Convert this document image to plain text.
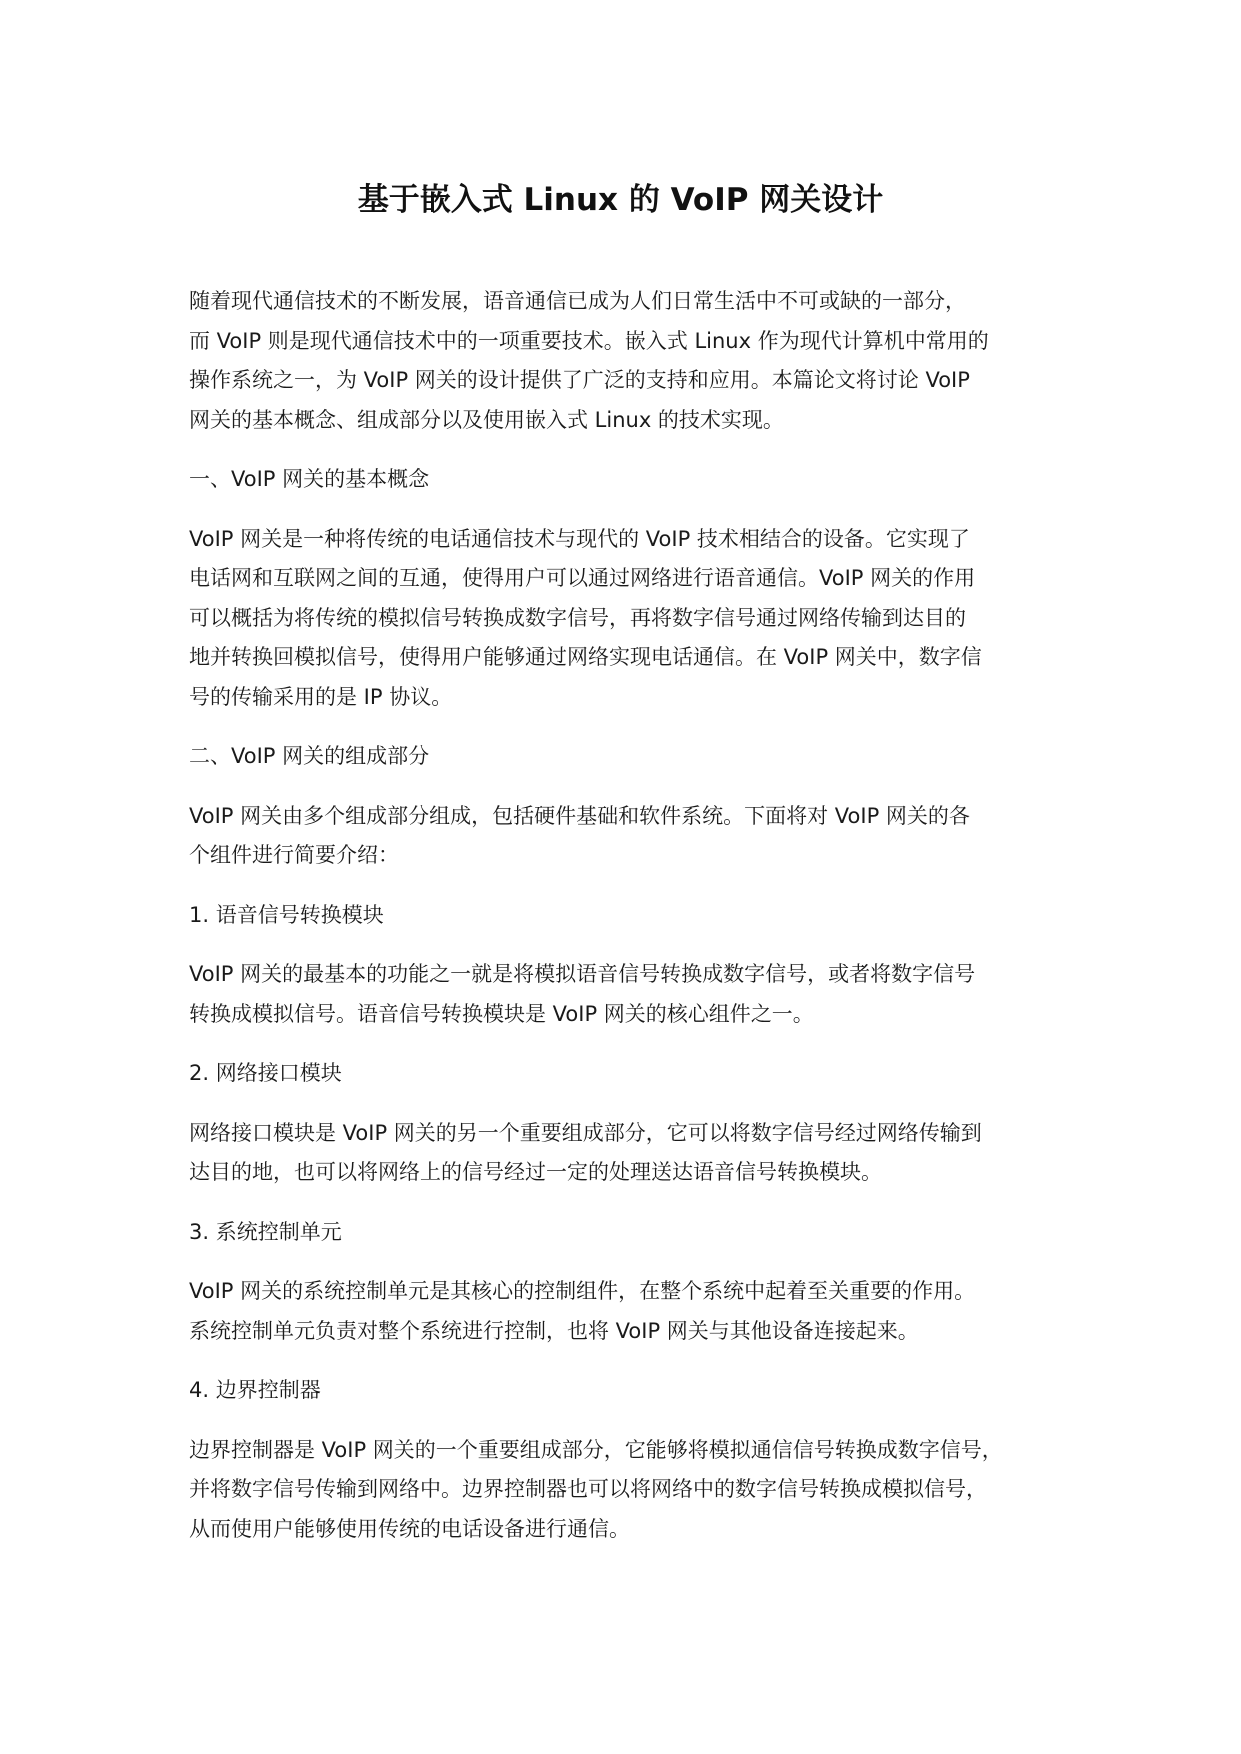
基于嵌入式 Linux 的 VoIP 网关设计

随着现代通信技术的不断发展，语音通信已成为人们日常生活中不可或缺的一部分，
而 VoIP 则是现代通信技术中的一项重要技术。嵌入式 Linux 作为现代计算机中常用的
操作系统之一，为 VoIP 网关的设计提供了广泛的支持和应用。本篇论文将讨论 VoIP
网关的基本概念、组成部分以及使用嵌入式 Linux 的技术实现。

一、VoIP 网关的基本概念

VoIP 网关是一种将传统的电话通信技术与现代的 VoIP 技术相结合的设备。它实现了
电话网和互联网之间的互通，使得用户可以通过网络进行语音通信。VoIP 网关的作用
可以概括为将传统的模拟信号转换成数字信号，再将数字信号通过网络传输到达目的
地并转换回模拟信号，使得用户能够通过网络实现电话通信。在 VoIP 网关中，数字信
号的传输采用的是 IP 协议。

二、VoIP 网关的组成部分

VoIP 网关由多个组成部分组成，包括硬件基础和软件系统。下面将对 VoIP 网关的各
个组件进行简要介绍：

1. 语音信号转换模块

VoIP 网关的最基本的功能之一就是将模拟语音信号转换成数字信号，或者将数字信号
转换成模拟信号。语音信号转换模块是 VoIP 网关的核心组件之一。

2. 网络接口模块

网络接口模块是 VoIP 网关的另一个重要组成部分，它可以将数字信号经过网络传输到
达目的地，也可以将网络上的信号经过一定的处理送达语音信号转换模块。

3. 系统控制单元

VoIP 网关的系统控制单元是其核心的控制组件，在整个系统中起着至关重要的作用。
系统控制单元负责对整个系统进行控制，也将 VoIP 网关与其他设备连接起来。

4. 边界控制器

边界控制器是 VoIP 网关的一个重要组成部分，它能够将模拟通信信号转换成数字信号，
并将数字信号传输到网络中。边界控制器也可以将网络中的数字信号转换成模拟信号，
从而使用户能够使用传统的电话设备进行通信。
